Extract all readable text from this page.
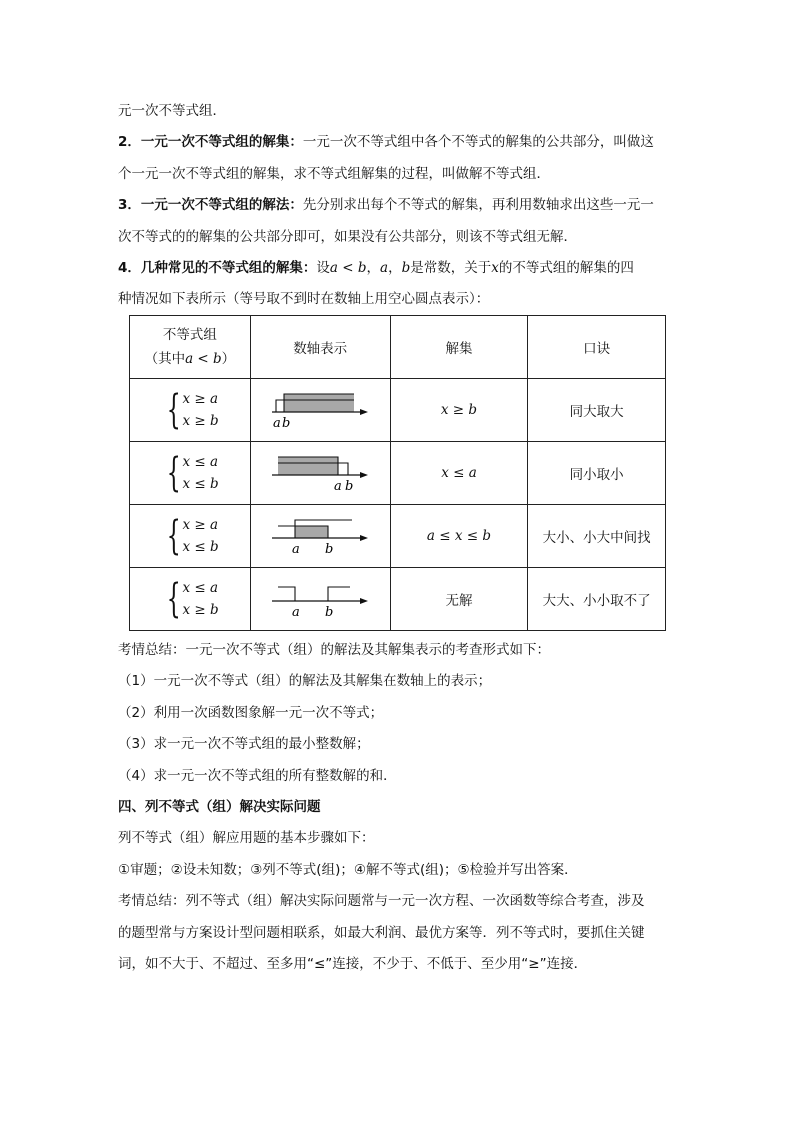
元一次不等式组．

2．一元一次不等式组的解集：一元一次不等式组中各个不等式的解集的公共部分，叫做这

个一元一次不等式组的解集，求不等式组解集的过程，叫做解不等式组．

3．一元一次不等式组的解法：先分别求出每个不等式的解集，再利用数轴求出这些一元一

次不等式的的解集的公共部分即可，如果没有公共部分，则该不等式组无解．

4．几种常见的不等式组的解集：设a < b，a，b是常数，关于x的不等式组的解集的四

种情况如下表所示（等号取不到时在数轴上用空心圆点表示）：

不等式组
（其中a < b）	数轴表示	解集	口诀

{ x ≥ a
x ≥ b	a b	x ≥ b	同大取大

{ x ≤ a
x ≤ b	a b	x ≤ a	同小取小

{ x ≥ a
x ≤ b	a b	a ≤ x ≤ b	大小、小大中间找

{ x ≤ a
x ≥ b	a b	无解	大大、小小取不了

考情总结：一元一次不等式（组）的解法及其解集表示的考查形式如下：

（1）一元一次不等式（组）的解法及其解集在数轴上的表示；

（2）利用一次函数图象解一元一次不等式；

（3）求一元一次不等式组的最小整数解；

（4）求一元一次不等式组的所有整数解的和．

四、列不等式（组）解决实际问题

列不等式（组）解应用题的基本步骤如下：

①审题；②设未知数；③列不等式(组)；④解不等式(组)；⑤检验并写出答案．

考情总结：列不等式（组）解决实际问题常与一元一次方程、一次函数等综合考查，涉及

的题型常与方案设计型问题相联系，如最大利润、最优方案等．列不等式时，要抓住关键

词，如不大于、不超过、至多用“≤”连接，不少于、不低于、至少用“≥”连接．
